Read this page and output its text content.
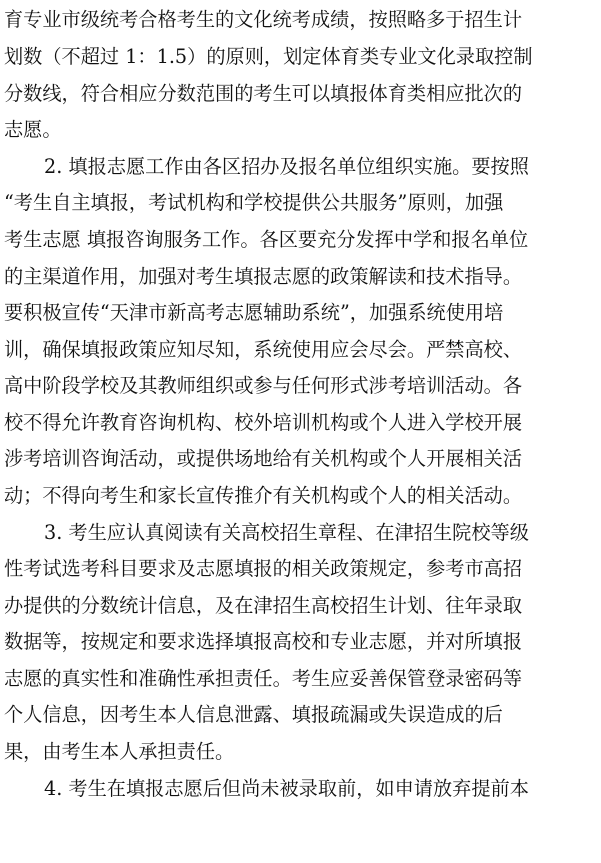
育专业市级统考合格考生的文化统考成绩，按照略多于招生计
划数（不超过 1：1.5）的原则，划定体育类专业文化录取控制
分数线，符合相应分数范围的考生可以填报体育类相应批次的
志愿。
2. 填报志愿工作由各区招办及报名单位组织实施。要按照
“考生自主填报，考试机构和学校提供公共服务”原则，加强
考生志愿 填报咨询服务工作。各区要充分发挥中学和报名单位
的主渠道作用，加强对考生填报志愿的政策解读和技术指导。
要积极宣传“天津市新高考志愿辅助系统”，加强系统使用培
训，确保填报政策应知尽知，系统使用应会尽会。严禁高校、
高中阶段学校及其教师组织或参与任何形式涉考培训活动。各
校不得允许教育咨询机构、校外培训机构或个人进入学校开展
涉考培训咨询活动，或提供场地给有关机构或个人开展相关活
动；不得向考生和家长宣传推介有关机构或个人的相关活动。
3. 考生应认真阅读有关高校招生章程、在津招生院校等级
性考试选考科目要求及志愿填报的相关政策规定，参考市高招
办提供的分数统计信息，及在津招生高校招生计划、往年录取
数据等，按规定和要求选择填报高校和专业志愿，并对所填报
志愿的真实性和准确性承担责任。考生应妥善保管登录密码等
个人信息，因考生本人信息泄露、填报疏漏或失误造成的后
果，由考生本人承担责任。
4. 考生在填报志愿后但尚未被录取前，如申请放弃提前本
